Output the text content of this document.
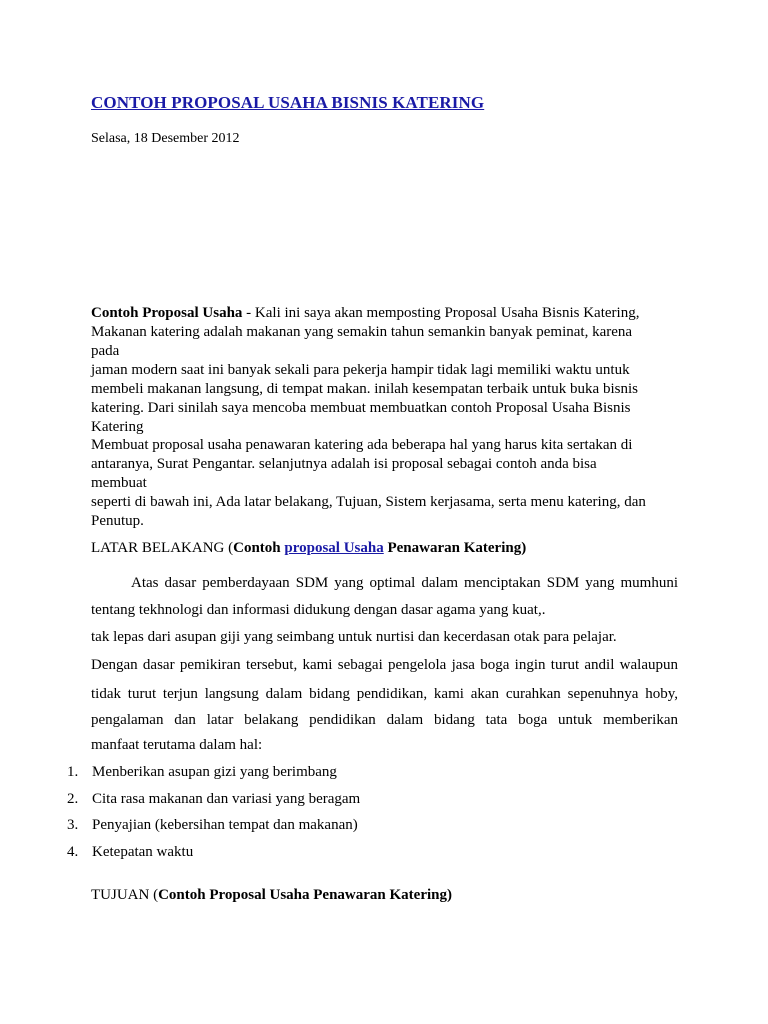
CONTOH PROPOSAL USAHA BISNIS KATERING
Selasa, 18 Desember 2012
Contoh Proposal Usaha - Kali ini saya akan memposting Proposal Usaha Bisnis Katering,
Makanan katering adalah makanan yang semakin tahun semankin banyak peminat, karena pada
jaman modern saat ini banyak sekali para pekerja hampir tidak lagi memiliki waktu untuk
membeli makanan langsung, di tempat makan. inilah kesempatan terbaik untuk buka bisnis
katering. Dari sinilah saya mencoba membuat membuatkan contoh Proposal Usaha Bisnis
Katering
Membuat proposal usaha penawaran katering ada beberapa hal yang harus kita sertakan di
antaranya, Surat Pengantar. selanjutnya adalah isi proposal sebagai contoh anda bisa membuat
seperti di bawah ini, Ada latar belakang, Tujuan, Sistem kerjasama, serta menu katering, dan
Penutup.
LATAR BELAKANG (Contoh proposal Usaha Penawaran Katering)
Atas dasar pemberdayaan SDM yang optimal dalam menciptakan SDM yang mumhuni
tentang tekhnologi dan informasi didukung dengan dasar agama yang kuat,.
tak lepas dari asupan giji yang seimbang untuk nurtisi dan kecerdasan otak para pelajar.
Dengan dasar pemikiran tersebut, kami sebagai pengelola jasa boga ingin turut andil walaupun
tidak turut terjun langsung dalam bidang pendidikan, kami akan curahkan sepenuhnya hoby,
pengalaman dan latar belakang pendidikan dalam bidang tata boga untuk memberikan
manfaat terutama dalam hal:
1. Menberikan asupan gizi yang berimbang
2. Cita rasa makanan dan variasi yang beragam
3. Penyajian (kebersihan tempat dan makanan)
4. Ketepatan waktu
TUJUAN (Contoh Proposal Usaha Penawaran Katering)
